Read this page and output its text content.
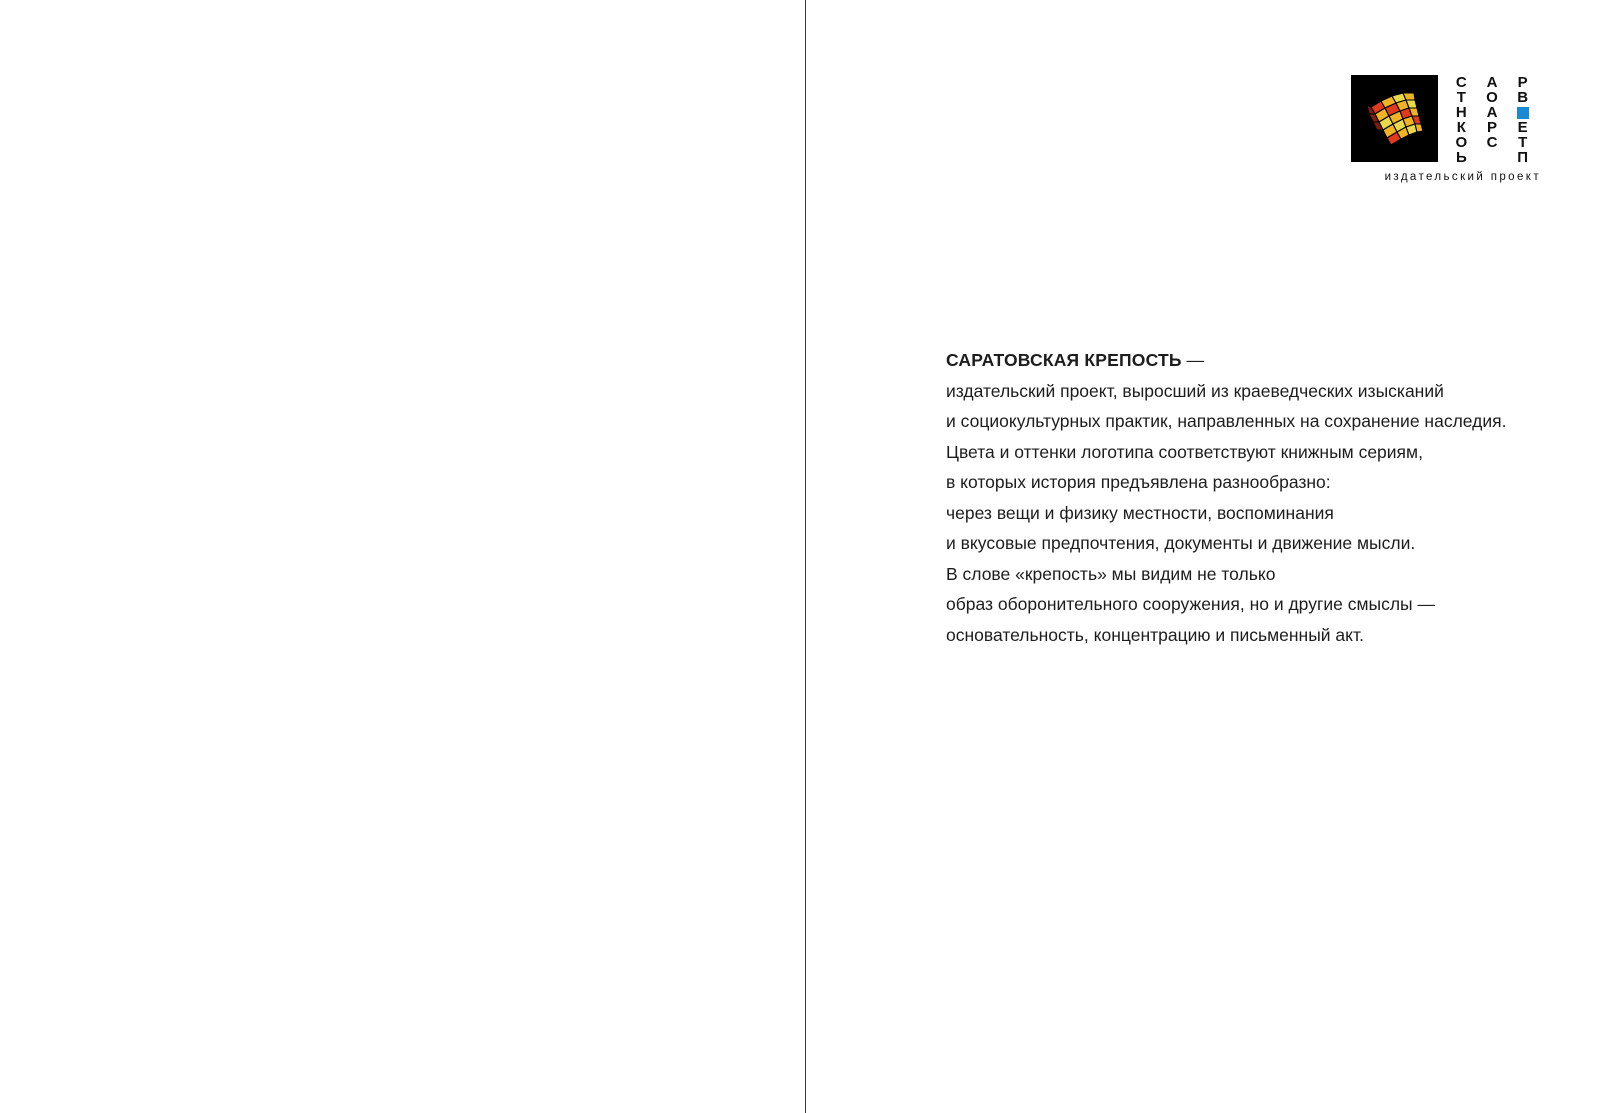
С А Р
Т О В
Н А
К Р Е
О С Т
Ь	П
издательский проект

САРАТОВСКАЯ КРЕПОСТЬ —

издательский проект, выросший из краеведческих изысканий

и социокультурных практик, направленных на сохранение наследия.

Цвета и оттенки логотипа соответствуют книжным сериям,

в которых история предъявлена разнообразно:

через вещи и физику местности, воспоминания

и вкусовые предпочтения, документы и движение мысли.

В слове «крепость» мы видим не только

образ оборонительного сооружения, но и другие смыслы —

основательность, концентрацию и письменный акт.
